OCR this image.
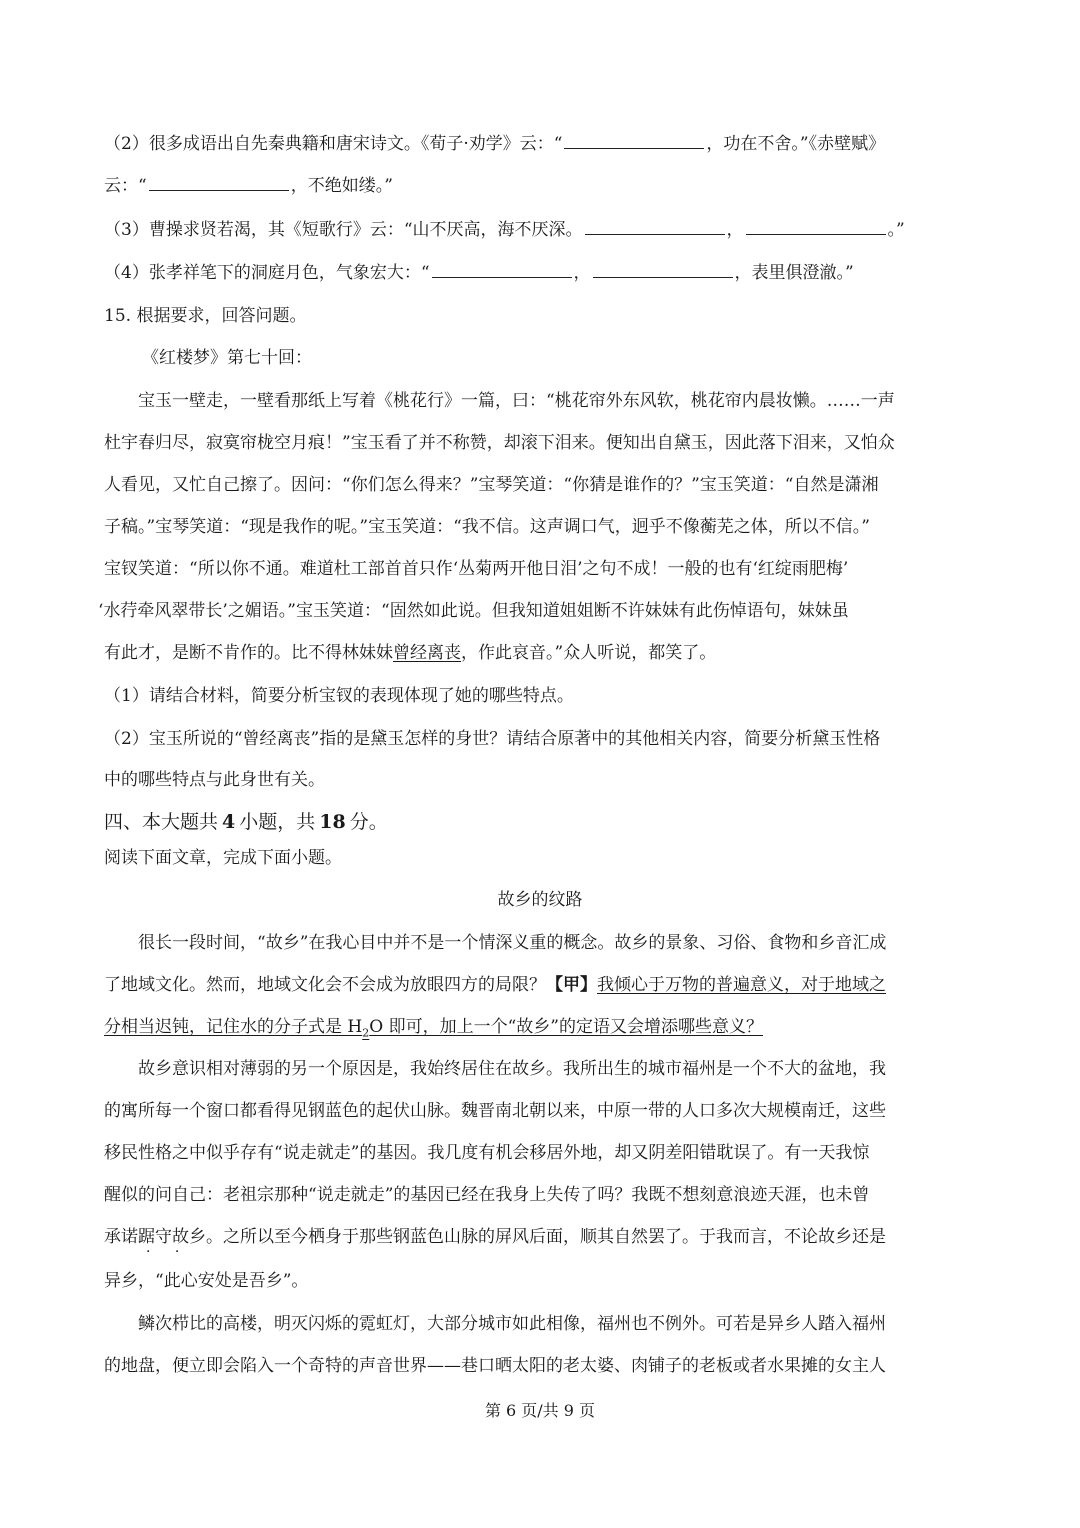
（2）很多成语出自先秦典籍和唐宋诗文。《荀子·劝学》云：“	，功在不舍。”《赤壁赋》
云：“	，不绝如缕。”
（3）曹操求贤若渴，其《短歌行》云：“山不厌高，海不厌深。	，	。”
（4）张孝祥笔下的洞庭月色，气象宏大：“	，	，表里俱澄澈。”
15. 根据要求，回答问题。
《红楼梦》第七十回：
宝玉一壁走，一壁看那纸上写着《桃花行》一篇，曰：“桃花帘外东风软，桃花帘内晨妆懒。……一声
杜宇春归尽，寂寞帘栊空月痕！”宝玉看了并不称赞，却滚下泪来。便知出自黛玉，因此落下泪来，又怕众
人看见，又忙自己擦了。因问：“你们怎么得来？”宝琴笑道：“你猜是谁作的？”宝玉笑道：“自然是潇湘
子稿。”宝琴笑道：“现是我作的呢。”宝玉笑道：“我不信。这声调口气，迥乎不像蘅芜之体，所以不信。”
宝钗笑道：“所以你不通。难道杜工部首首只作‘丛菊两开他日泪’之句不成！一般的也有‘红绽雨肥梅’
‘水荇牵风翠带长’之媚语。”宝玉笑道：“固然如此说。但我知道姐姐断不许妹妹有此伤悼语句，妹妹虽
有此才，是断不肯作的。比不得林妹妹曾经离丧，作此哀音。”众人听说，都笑了。
（1）请结合材料，简要分析宝钗的表现体现了她的哪些特点。
（2）宝玉所说的“曾经离丧”指的是黛玉怎样的身世？请结合原著中的其他相关内容，简要分析黛玉性格
中的哪些特点与此身世有关。
四、本大题共 4 小题，共 18 分。
阅读下面文章，完成下面小题。
故乡的纹路
很长一段时间，“故乡”在我心目中并不是一个情深义重的概念。故乡的景象、习俗、食物和乡音汇成
了地域文化。然而，地域文化会不会成为放眼四方的局限？【甲】我倾心于万物的普遍意义，对于地域之
分相当迟钝，记住水的分子式是 $H_2O$ 即可，加上一个“故乡”的定语又会增添哪些意义？
故乡意识相对薄弱的另一个原因是，我始终居住在故乡。我所出生的城市福州是一个不大的盆地，我
的寓所每一个窗口都看得见钢蓝色的起伏山脉。魏晋南北朝以来，中原一带的人口多次大规模南迁，这些
移民性格之中似乎存有“说走就走”的基因。我几度有机会移居外地，却又阴差阳错耽误了。有一天我惊
醒似的问自己：老祖宗那种“说走就走”的基因已经在我身上失传了吗？我既不想刻意浪迹天涯，也未曾
承诺踞守故乡。之所以至今栖身于那些钢蓝色山脉的屏风后面，顺其自然罢了。于我而言，不论故乡还是
· ·
异乡，“此心安处是吾乡”。
鳞次栉比的高楼，明灭闪烁的霓虹灯，大部分城市如此相像，福州也不例外。可若是异乡人踏入福州
的地盘，便立即会陷入一个奇特的声音世界——巷口晒太阳的老太婆、肉铺子的老板或者水果摊的女主人
第 6 页/共 9 页
